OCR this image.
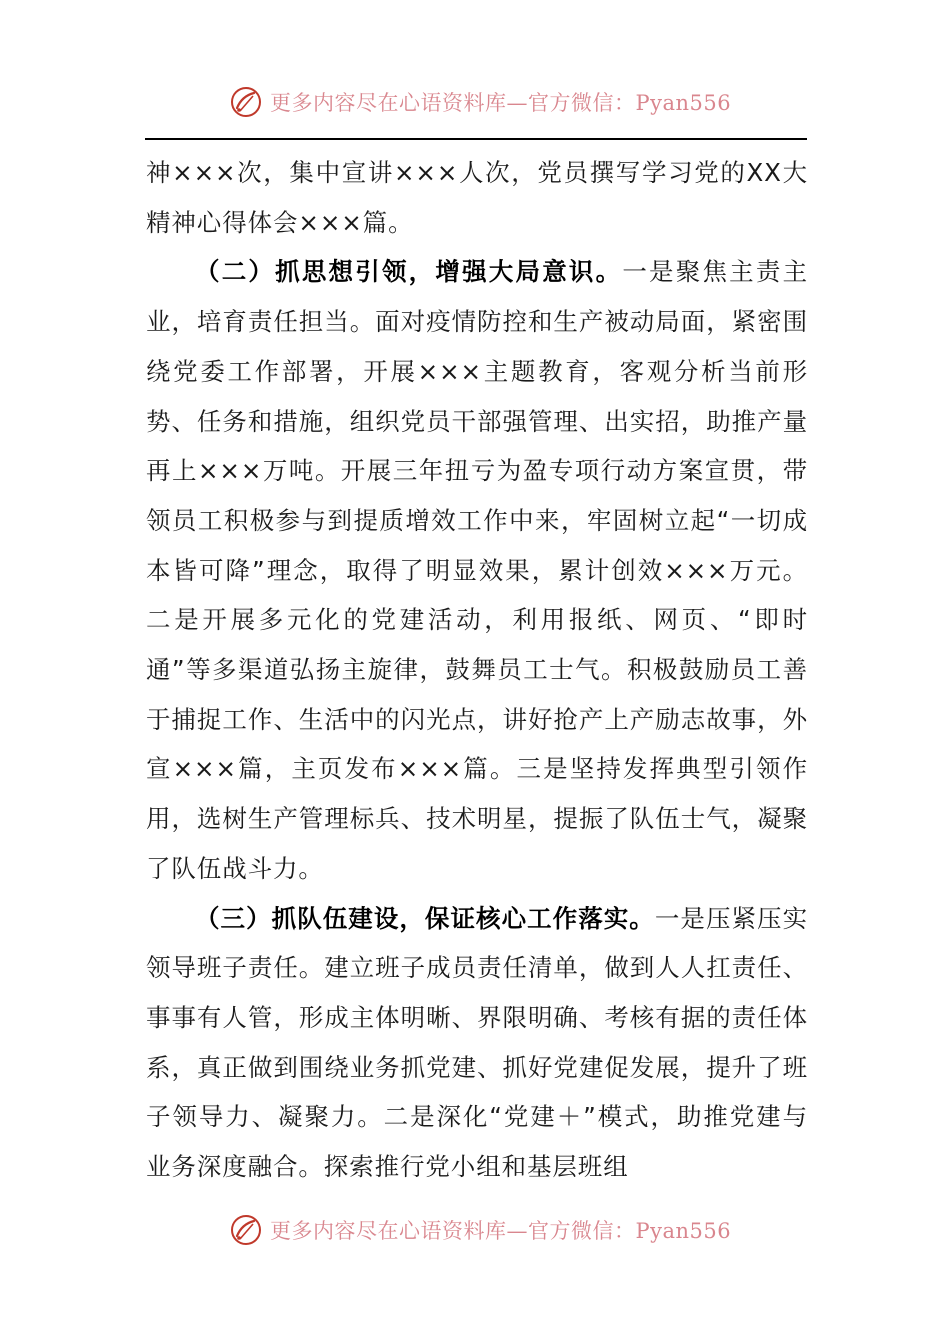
更多内容尽在心语资料库—官方微信：Pyan556

神×××次，集中宣讲×××人次，党员撰写学习党的XX大精神心得体会×××篇。

（二）抓思想引领，增强大局意识。一是聚焦主责主业，培育责任担当。面对疫情防控和生产被动局面，紧密围绕党委工作部署，开展×××主题教育，客观分析当前形势、任务和措施，组织党员干部强管理、出实招，助推产量再上×××万吨。开展三年扭亏为盈专项行动方案宣贯，带领员工积极参与到提质增效工作中来，牢固树立起“一切成本皆可降”理念，取得了明显效果，累计创效×××万元。二是开展多元化的党建活动，利用报纸、网页、“即时通”等多渠道弘扬主旋律，鼓舞员工士气。积极鼓励员工善于捕捉工作、生活中的闪光点，讲好抢产上产励志故事，外宣×××篇，主页发布×××篇。三是坚持发挥典型引领作用，选树生产管理标兵、技术明星，提振了队伍士气，凝聚了队伍战斗力。

（三）抓队伍建设，保证核心工作落实。一是压紧压实领导班子责任。建立班子成员责任清单，做到人人扛责任、事事有人管，形成主体明晰、界限明确、考核有据的责任体系，真正做到围绕业务抓党建、抓好党建促发展，提升了班子领导力、凝聚力。二是深化“党建＋”模式，助推党建与业务深度融合。探索推行党小组和基层班组

更多内容尽在心语资料库—官方微信：Pyan556
